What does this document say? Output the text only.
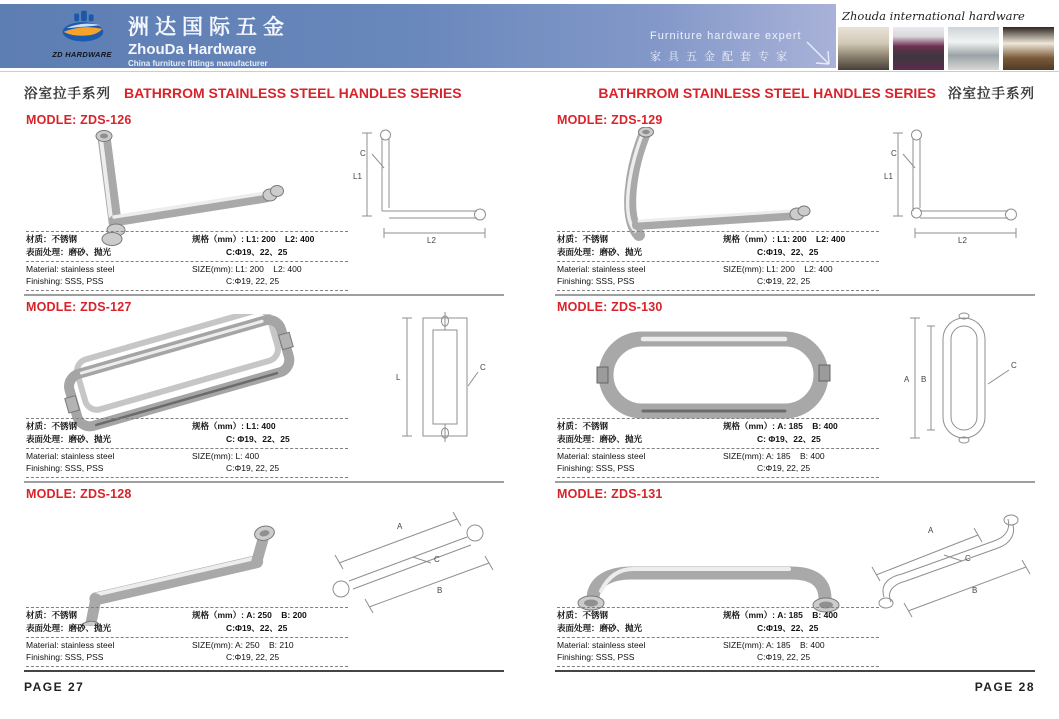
ZD HARDWARE
洲达国际五金
ZhouDa Hardware
China furniture fittings manufacturer
Furniture hardware expert
家具五金配套专家
Zhouda international hardware
浴室拉手系列 BATHRROM STAINLESS STEEL HANDLES SERIES	BATHRROM STAINLESS STEEL HANDLES SERIES 浴室拉手系列
MODLE: ZDS-126
C
L1
L2
材质：不锈钢
表面处理：磨砂、抛光
规格（mm）: L1: 200    L2: 400
C:Φ19、22、25
Material: stainless steel
Finishing: SSS, PSS
SIZE(mm): L1: 200    L2: 400
C:Φ19, 22, 25
MODLE: ZDS-127
L
C
材质：不锈钢
表面处理：磨砂、抛光
规格（mm）: L1: 400
C: Φ19、22、25
Material: stainless steel
Finishing: SSS, PSS
SIZE(mm): L: 400
C:Φ19, 22, 25
MODLE: ZDS-128
A
C
B
材质：不锈钢
表面处理：磨砂、抛光
规格（mm）: A: 250    B: 200
C:Φ19、22、25
Material: stainless steel
Finishing: SSS, PSS
SIZE(mm): A: 250    B: 210
C:Φ19, 22, 25
MODLE: ZDS-129
C
L1
L2
材质：不锈钢
表面处理：磨砂、抛光
规格（mm）: L1: 200    L2: 400
C:Φ19、22、25
Material: stainless steel
Finishing: SSS, PSS
SIZE(mm): L1: 200    L2: 400
C:Φ19, 22, 25
MODLE: ZDS-130
A B
C
材质：不锈钢
表面处理：磨砂、抛光
规格（mm）: A: 185    B: 400
C: Φ19、22、25
Material: stainless steel
Finishing: SSS, PSS
SIZE(mm): A: 185    B: 400
C:Φ19, 22, 25
MODLE: ZDS-131
A
C
B
材质：不锈钢
表面处理：磨砂、抛光
规格（mm）: A: 185    B: 400
C:Φ19、22、25
Material: stainless steel
Finishing: SSS, PSS
SIZE(mm): A: 185    B: 400
C:Φ19, 22, 25
PAGE 27	PAGE 28
